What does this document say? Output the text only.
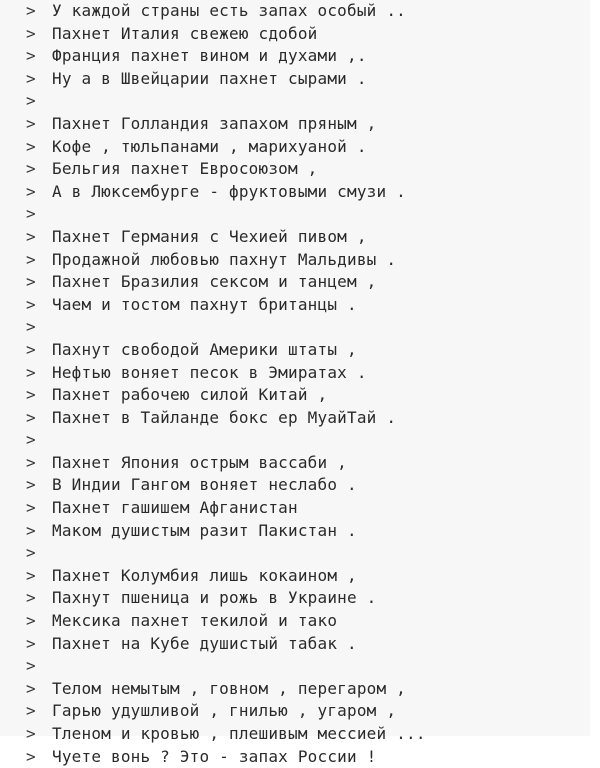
> У каждой страны есть запах особый ..
> Пахнет Италия свежею сдобой
> Франция пахнет вином и духами ,.
> Ну а в Швейцарии пахнет сырами .
>
> Пахнет Голландия запахом пряным ,
> Кофе , тюльпанами , марихуаной .
> Бельгия пахнет Евросоюзом ,
> А в Люксембурге - фруктовыми смузи .
>
> Пахнет Германия с Чехией пивом ,
> Продажной любовью пахнут Мальдивы .
> Пахнет Бразилия сексом и танцем ,
> Чаем и тостом пахнут британцы .
>
> Пахнут свободой Америки штаты ,
> Нефтью воняет песок в Эмиратах .
> Пахнет рабочею силой Китай ,
> Пахнет в Тайланде бокс ер МуайТай .
>
> Пахнет Япония острым вассаби ,
> В Индии Гангом воняет неслабо .
> Пахнет гашишем Афганистан
> Маком душистым разит Пакистан .
>
> Пахнет Колумбия лишь кокаином ,
> Пахнут пшеница и рожь в Украине .
> Мексика пахнет текилой и тако
> Пахнет на Кубе душистый табак .
>
> Телом немытым , говном , перегаром ,
> Гарью удушливой , гнилью , угаром ,
> Тленом и кровью , плешивым мессией ...
> Чуете вонь ? Это - запах России !
